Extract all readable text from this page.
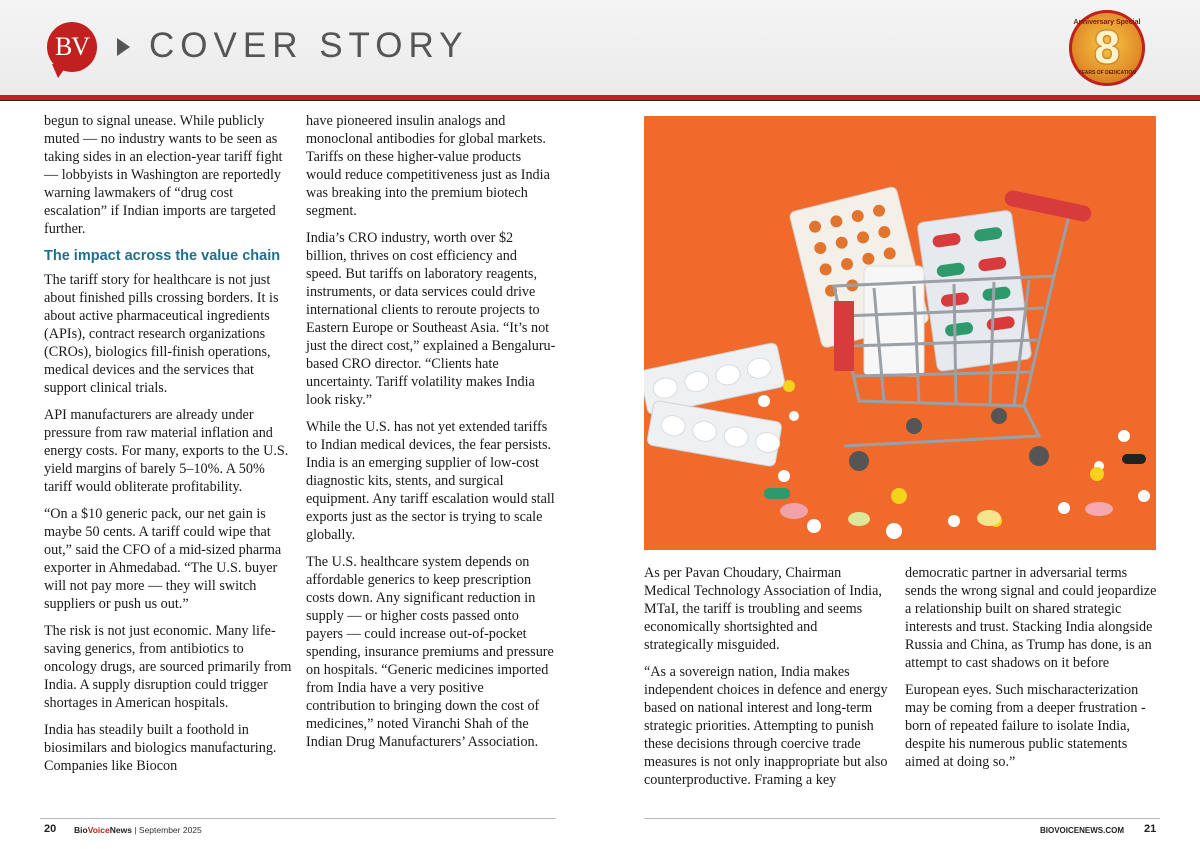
BV COVER STORY
Anniversary Special
8
YEARS OF DEDICATION

begun to signal unease. While publicly muted — no industry wants to be seen as taking sides in an election-year tariff fight — lobbyists in Washington are reportedly warning lawmakers of “drug cost escalation” if Indian imports are targeted further.

The impact across the value chain

The tariff story for healthcare is not just about finished pills crossing borders. It is about active pharmaceutical ingredients (APIs), contract research organizations (CROs), biologics fill-finish operations, medical devices and the services that support clinical trials.

API manufacturers are already under pressure from raw material inflation and energy costs. For many, exports to the U.S. yield margins of barely 5–10%. A 50% tariff would obliterate profitability.

“On a $10 generic pack, our net gain is maybe 50 cents. A tariff could wipe that out,” said the CFO of a mid-sized pharma exporter in Ahmedabad. “The U.S. buyer will not pay more — they will switch suppliers or push us out.”

The risk is not just economic. Many life-saving generics, from antibiotics to oncology drugs, are sourced primarily from India. A supply disruption could trigger shortages in American hospitals.

India has steadily built a foothold in biosimilars and biologics manufacturing. Companies like Biocon

have pioneered insulin analogs and monoclonal antibodies for global markets. Tariffs on these higher-value products would reduce competitiveness just as India was breaking into the premium biotech segment.

India’s CRO industry, worth over $2 billion, thrives on cost efficiency and speed. But tariffs on laboratory reagents, instruments, or data services could drive international clients to reroute projects to Eastern Europe or Southeast Asia. “It’s not just the direct cost,” explained a Bengaluru-based CRO director. “Clients hate uncertainty. Tariff volatility makes India look risky.”

While the U.S. has not yet extended tariffs to Indian medical devices, the fear persists. India is an emerging supplier of low-cost diagnostic kits, stents, and surgical equipment. Any tariff escalation would stall exports just as the sector is trying to scale globally.

The U.S. healthcare system depends on affordable generics to keep prescription costs down. Any significant reduction in supply — or higher costs passed onto payers — could increase out-of-pocket spending, insurance premiums and pressure on hospitals. “Generic medicines imported from India have a very positive contribution to bringing down the cost of medicines,” noted Viranchi Shah of the Indian Drug Manufacturers’ Association.

As per Pavan Choudary, Chairman Medical Technology Association of India, MTaI, the tariff is troubling and seems economically shortsighted and strategically misguided.

“As a sovereign nation, India makes independent choices in defence and energy based on national interest and long-term strategic priorities. Attempting to punish these decisions through coercive trade measures is not only inappropriate but also counterproductive. Framing a key

democratic partner in adversarial terms sends the wrong signal and could jeopardize a relationship built on shared strategic interests and trust. Stacking India alongside Russia and China, as Trump has done, is an attempt to cast shadows on it before

European eyes. Such mischaracterization may be coming from a deeper frustration - born of repeated failure to isolate India, despite his numerous public statements aimed at doing so.”

20 BioVoiceNews | September 2025	BIOVOICENEWS.COM 21
